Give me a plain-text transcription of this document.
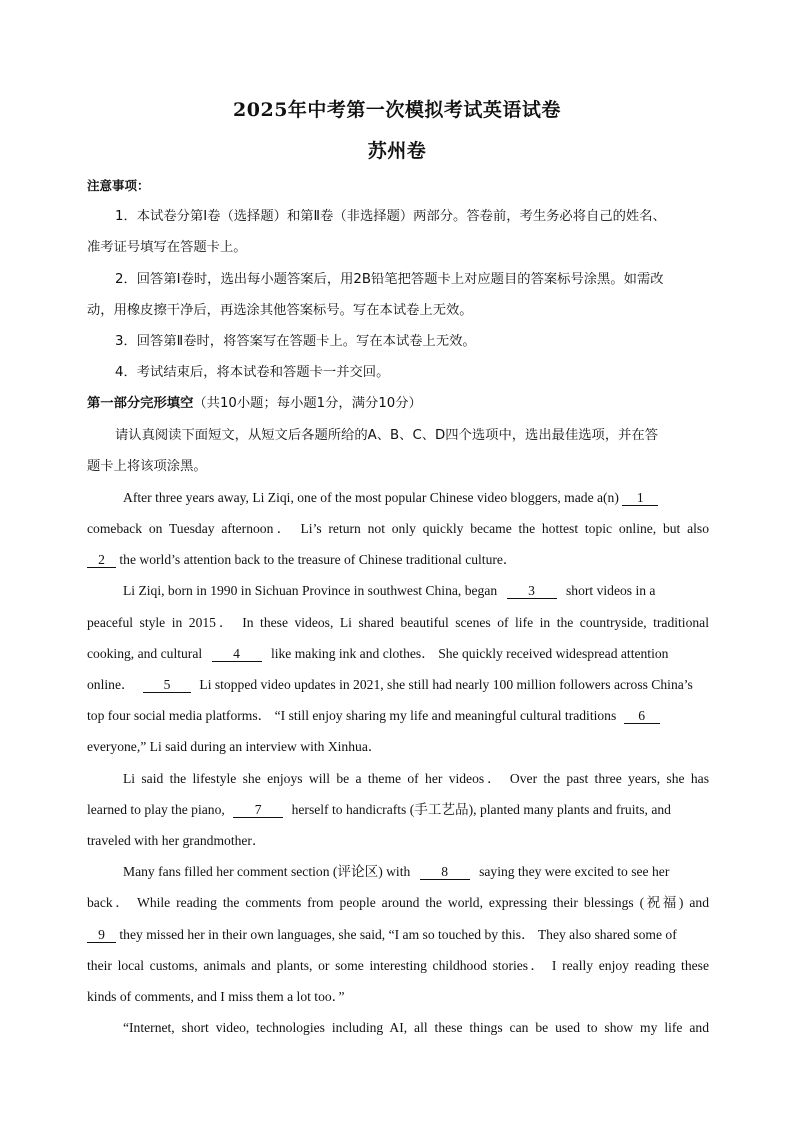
2025年中考第一次模拟考试英语试卷
苏州卷
注意事项：
1．本试卷分第Ⅰ卷（选择题）和第Ⅱ卷（非选择题）两部分。答卷前，考生务必将自己的姓名、
准考证号填写在答题卡上。
2．回答第Ⅰ卷时，选出每小题答案后，用2B铅笔把答题卡上对应题目的答案标号涂黑。如需改
动，用橡皮擦干净后，再选涂其他答案标号。写在本试卷上无效。
3．回答第Ⅱ卷时，将答案写在答题卡上。写在本试卷上无效。
4．考试结束后，将本试卷和答题卡一并交回。
第一部分完形填空（共10小题；每小题1分，满分10分）
请认真阅读下面短文，从短文后各题所给的A、B、C、D四个选项中，选出最佳选项，并在答
题卡上将该项涂黑。
After three years away, Li Ziqi, one of the most popular Chinese video bloggers, made a(n) 1
comeback on Tuesday afternoon． Li’s return not only quickly became the hottest topic online, but also
2 the world’s attention back to the treasure of Chinese traditional culture．
Li Ziqi, born in 1990 in Sichuan Province in southwest China, began 3 short videos in a
peaceful style in 2015． In these videos, Li shared beautiful scenes of life in the countryside, traditional
cooking, and cultural 4 like making ink and clothes． She quickly received widespread attention
online． 5 Li stopped video updates in 2021, she still had nearly 100 million followers across China’s
top four social media platforms． “I still enjoy sharing my life and meaningful cultural traditions 6
everyone,” Li said during an interview with Xinhua．
Li said the lifestyle she enjoys will be a theme of her videos． Over the past three years, she has
learned to play the piano, 7 herself to handicrafts (手工艺品), planted many plants and fruits, and
traveled with her grandmother．
Many fans filled her comment section (评论区) with 8 saying they were excited to see her
back． While reading the comments from people around the world, expressing their blessings (祝福) and
9 they missed her in their own languages, she said, “I am so touched by this． They also shared some of
their local customs, animals and plants, or some interesting childhood stories． I really enjoy reading these
kinds of comments, and I miss them a lot too．”
“Internet, short video, technologies including AI, all these things can be used to show my life and
